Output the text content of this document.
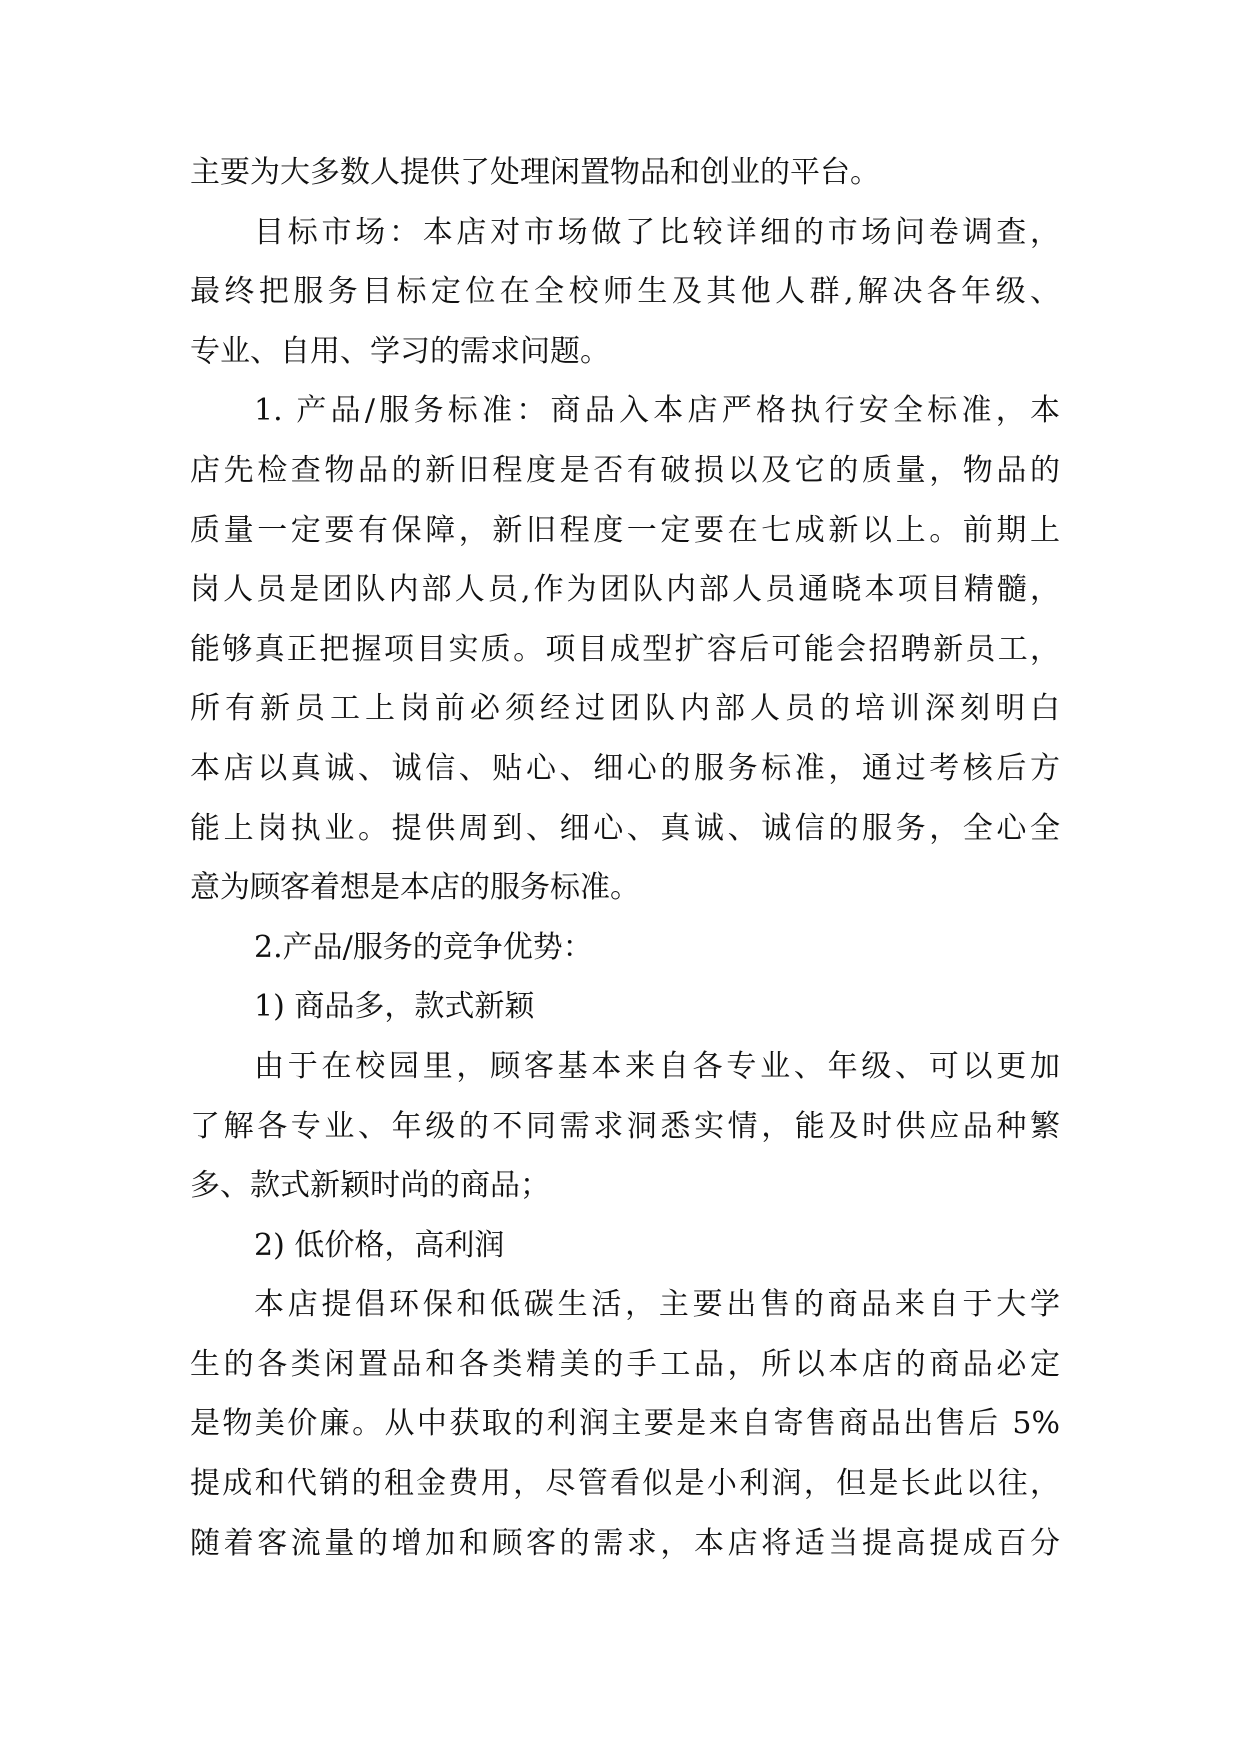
主要为大多数人提供了处理闲置物品和创业的平台。
目标市场：本店对市场做了比较详细的市场问卷调查，
最终把服务目标定位在全校师生及其他人群,解决各年级、
专业、自用、学习的需求问题。
1. 产品/服务标准：商品入本店严格执行安全标准，本
店先检查物品的新旧程度是否有破损以及它的质量，物品的
质量一定要有保障，新旧程度一定要在七成新以上。前期上
岗人员是团队内部人员,作为团队内部人员通晓本项目精髓，
能够真正把握项目实质。项目成型扩容后可能会招聘新员工，
所有新员工上岗前必须经过团队内部人员的培训深刻明白
本店以真诚、诚信、贴心、细心的服务标准，通过考核后方
能上岗执业。提供周到、细心、真诚、诚信的服务，全心全
意为顾客着想是本店的服务标准。
2.产品/服务的竞争优势：
1) 商品多，款式新颖
由于在校园里，顾客基本来自各专业、年级、可以更加
了解各专业、年级的不同需求洞悉实情，能及时供应品种繁
多、款式新颖时尚的商品；
2) 低价格，高利润
本店提倡环保和低碳生活，主要出售的商品来自于大学
生的各类闲置品和各类精美的手工品，所以本店的商品必定
是物美价廉。从中获取的利润主要是来自寄售商品出售后 5%
提成和代销的租金费用，尽管看似是小利润，但是长此以往，
随着客流量的增加和顾客的需求，本店将适当提高提成百分
